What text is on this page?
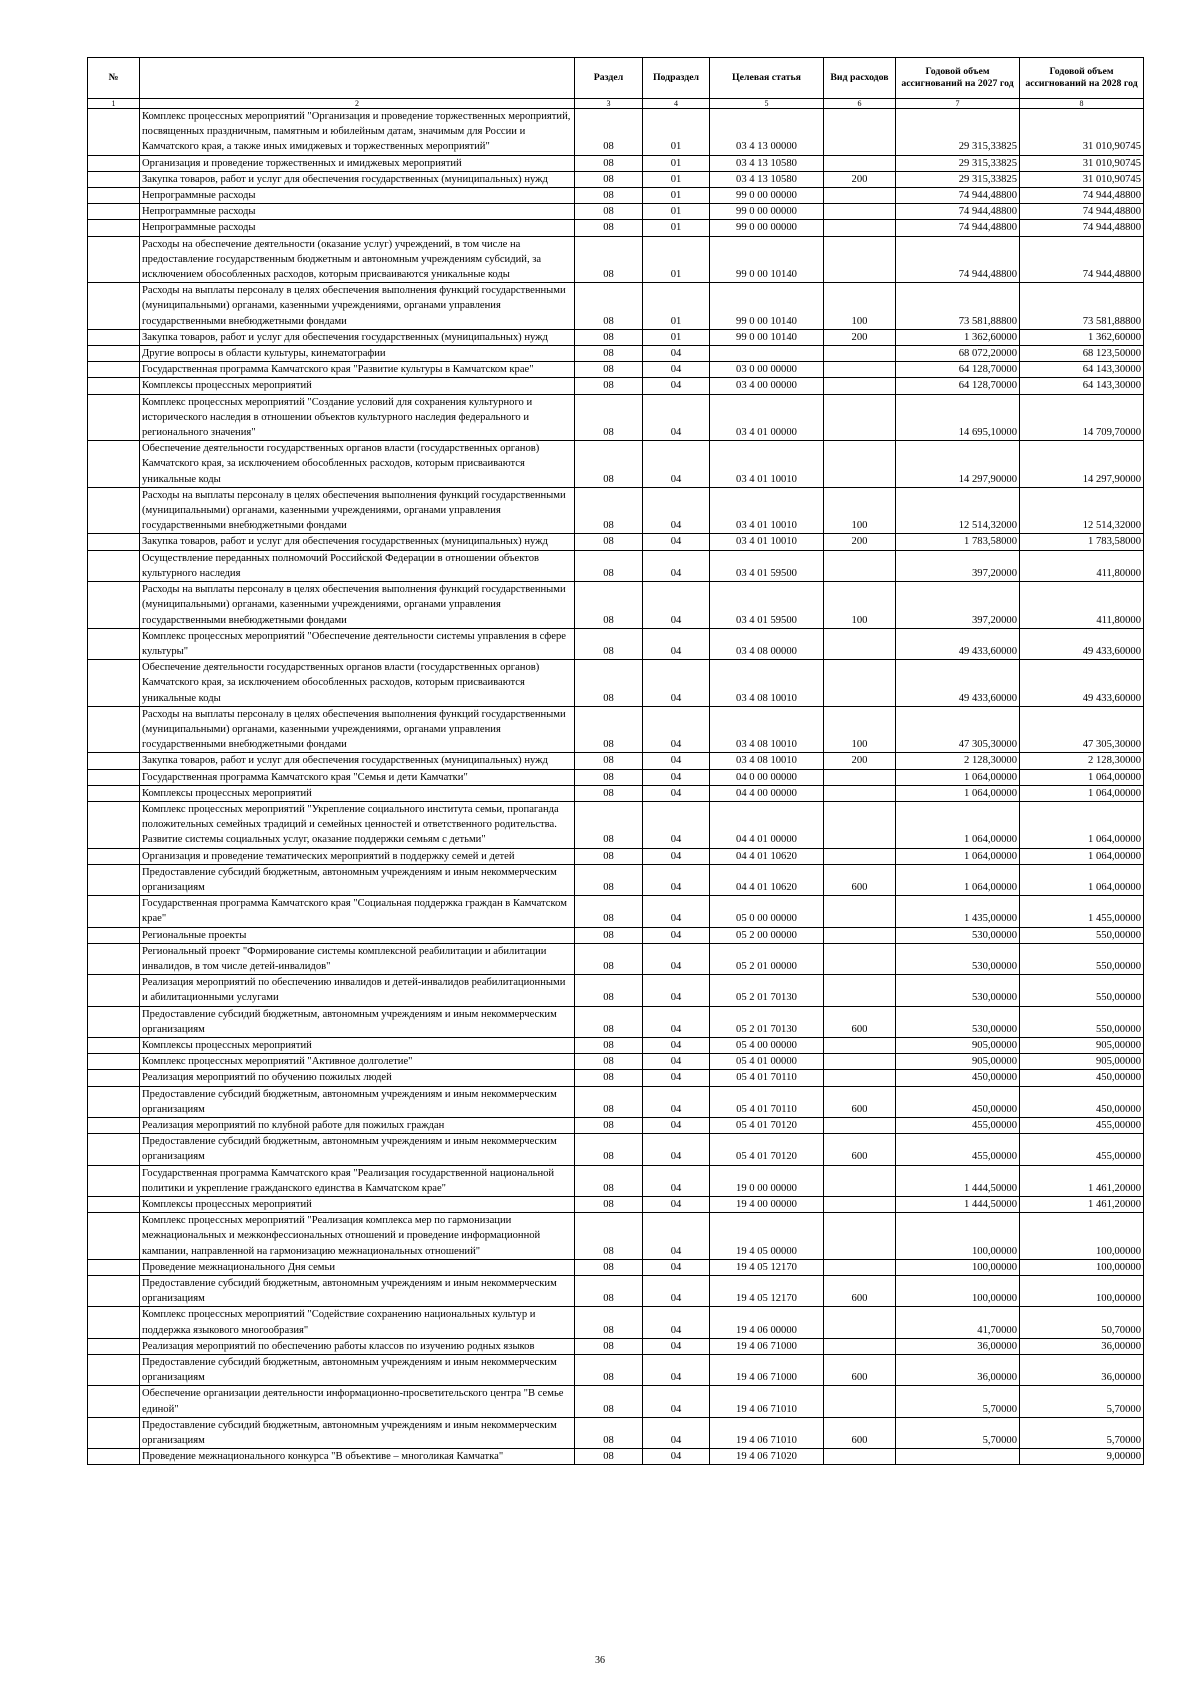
№		Раздел	Подраздел	Целевая статья	Вид расходов	Годовой объем ассигнований на 2027 год	Годовой объем ассигнований на 2028 год
1	2	3	4	5	6	7	8
	Комплекс процессных мероприятий "Организация и проведение торжественных мероприятий, посвященных праздничным, памятным и юбилейным датам, значимым для России и Камчатского края, а также иных имиджевых и торжественных мероприятий"	08	01	03 4 13 00000		29 315,33825	31 010,90745
	Организация и проведение торжественных и имиджевых мероприятий	08	01	03 4 13 10580		29 315,33825	31 010,90745
	Закупка товаров, работ и услуг для обеспечения государственных (муниципальных) нужд	08	01	03 4 13 10580	200	29 315,33825	31 010,90745
	Непрограммные расходы	08	01	99 0 00 00000		74 944,48800	74 944,48800
	Непрограммные расходы	08	01	99 0 00 00000		74 944,48800	74 944,48800
	Непрограммные расходы	08	01	99 0 00 00000		74 944,48800	74 944,48800
	Расходы на обеспечение деятельности (оказание услуг) учреждений, в том числе на предоставление государственным бюджетным и автономным учреждениям субсидий, за исключением обособленных расходов, которым присваиваются уникальные коды	08	01	99 0 00 10140		74 944,48800	74 944,48800
	Расходы на выплаты персоналу в целях обеспечения выполнения функций государственными (муниципальными) органами, казенными учреждениями, органами управления государственными внебюджетными фондами	08	01	99 0 00 10140	100	73 581,88800	73 581,88800
	Закупка товаров, работ и услуг для обеспечения государственных (муниципальных) нужд	08	01	99 0 00 10140	200	1 362,60000	1 362,60000
	Другие вопросы в области культуры, кинематографии	08	04			68 072,20000	68 123,50000
	Государственная программа Камчатского края "Развитие культуры в Камчатском крае"	08	04	03 0 00 00000		64 128,70000	64 143,30000
	Комплексы процессных мероприятий	08	04	03 4 00 00000		64 128,70000	64 143,30000
	Комплекс процессных мероприятий "Создание условий для сохранения культурного и исторического наследия в отношении объектов культурного наследия федерального и регионального значения"	08	04	03 4 01 00000		14 695,10000	14 709,70000
	Обеспечение деятельности государственных органов власти (государственных органов) Камчатского края, за исключением обособленных расходов, которым присваиваются уникальные коды	08	04	03 4 01 10010		14 297,90000	14 297,90000
	Расходы на выплаты персоналу в целях обеспечения выполнения функций государственными (муниципальными) органами, казенными учреждениями, органами управления государственными внебюджетными фондами	08	04	03 4 01 10010	100	12 514,32000	12 514,32000
	Закупка товаров, работ и услуг для обеспечения государственных (муниципальных) нужд	08	04	03 4 01 10010	200	1 783,58000	1 783,58000
	Осуществление переданных полномочий Российской Федерации в отношении объектов культурного наследия	08	04	03 4 01 59500		397,20000	411,80000
	Расходы на выплаты персоналу в целях обеспечения выполнения функций государственными (муниципальными) органами, казенными учреждениями, органами управления государственными внебюджетными фондами	08	04	03 4 01 59500	100	397,20000	411,80000
	Комплекс процессных мероприятий "Обеспечение деятельности системы управления в сфере культуры"	08	04	03 4 08 00000		49 433,60000	49 433,60000
	Обеспечение деятельности государственных органов власти (государственных органов) Камчатского края, за исключением обособленных расходов, которым присваиваются уникальные коды	08	04	03 4 08 10010		49 433,60000	49 433,60000
	Расходы на выплаты персоналу в целях обеспечения выполнения функций государственными (муниципальными) органами, казенными учреждениями, органами управления государственными внебюджетными фондами	08	04	03 4 08 10010	100	47 305,30000	47 305,30000
	Закупка товаров, работ и услуг для обеспечения государственных (муниципальных) нужд	08	04	03 4 08 10010	200	2 128,30000	2 128,30000
	Государственная программа Камчатского края "Семья и дети Камчатки"	08	04	04 0 00 00000		1 064,00000	1 064,00000
	Комплексы процессных мероприятий	08	04	04 4 00 00000		1 064,00000	1 064,00000
	Комплекс процессных мероприятий "Укрепление социального института семьи, пропаганда положительных семейных традиций и семейных ценностей и ответственного родительства. Развитие системы социальных услуг, оказание поддержки семьям с детьми"	08	04	04 4 01 00000		1 064,00000	1 064,00000
	Организация и проведение тематических мероприятий в поддержку семей и детей	08	04	04 4 01 10620		1 064,00000	1 064,00000
	Предоставление субсидий бюджетным, автономным учреждениям и иным некоммерческим организациям	08	04	04 4 01 10620	600	1 064,00000	1 064,00000
	Государственная программа Камчатского края "Социальная поддержка граждан в Камчатском крае"	08	04	05 0 00 00000		1 435,00000	1 455,00000
	Региональные проекты	08	04	05 2 00 00000		530,00000	550,00000
	Региональный проект "Формирование системы комплексной реабилитации и абилитации инвалидов, в том числе детей-инвалидов"	08	04	05 2 01 00000		530,00000	550,00000
	Реализация мероприятий по обеспечению инвалидов и детей-инвалидов реабилитационными и абилитационными услугами	08	04	05 2 01 70130		530,00000	550,00000
	Предоставление субсидий бюджетным, автономным учреждениям и иным некоммерческим организациям	08	04	05 2 01 70130	600	530,00000	550,00000
	Комплексы процессных мероприятий	08	04	05 4 00 00000		905,00000	905,00000
	Комплекс процессных мероприятий "Активное долголетие"	08	04	05 4 01 00000		905,00000	905,00000
	Реализация мероприятий по обучению пожилых людей	08	04	05 4 01 70110		450,00000	450,00000
	Предоставление субсидий бюджетным, автономным учреждениям и иным некоммерческим организациям	08	04	05 4 01 70110	600	450,00000	450,00000
	Реализация мероприятий по клубной работе для пожилых граждан	08	04	05 4 01 70120		455,00000	455,00000
	Предоставление субсидий бюджетным, автономным учреждениям и иным некоммерческим организациям	08	04	05 4 01 70120	600	455,00000	455,00000
	Государственная программа Камчатского края "Реализация государственной национальной политики и укрепление гражданского единства в Камчатском крае"	08	04	19 0 00 00000		1 444,50000	1 461,20000
	Комплексы процессных мероприятий	08	04	19 4 00 00000		1 444,50000	1 461,20000
	Комплекс процессных мероприятий "Реализация комплекса мер по гармонизации межнациональных и межконфессиональных отношений и проведение информационной кампании, направленной на гармонизацию межнациональных отношений"	08	04	19 4 05 00000		100,00000	100,00000
	Проведение межнационального Дня семьи	08	04	19 4 05 12170		100,00000	100,00000
	Предоставление субсидий бюджетным, автономным учреждениям и иным некоммерческим организациям	08	04	19 4 05 12170	600	100,00000	100,00000
	Комплекс процессных мероприятий "Содействие сохранению национальных культур и поддержка языкового многообразия"	08	04	19 4 06 00000		41,70000	50,70000
	Реализация мероприятий по обеспечению работы классов по изучению родных языков	08	04	19 4 06 71000		36,00000	36,00000
	Предоставление субсидий бюджетным, автономным учреждениям и иным некоммерческим организациям	08	04	19 4 06 71000	600	36,00000	36,00000
	Обеспечение организации деятельности информационно-просветительского центра "В семье единой"	08	04	19 4 06 71010		5,70000	5,70000
	Предоставление субсидий бюджетным, автономным учреждениям и иным некоммерческим организациям	08	04	19 4 06 71010	600	5,70000	5,70000
	Проведение межнационального конкурса "В объективе – многоликая Камчатка"	08	04	19 4 06 71020			9,00000
36
